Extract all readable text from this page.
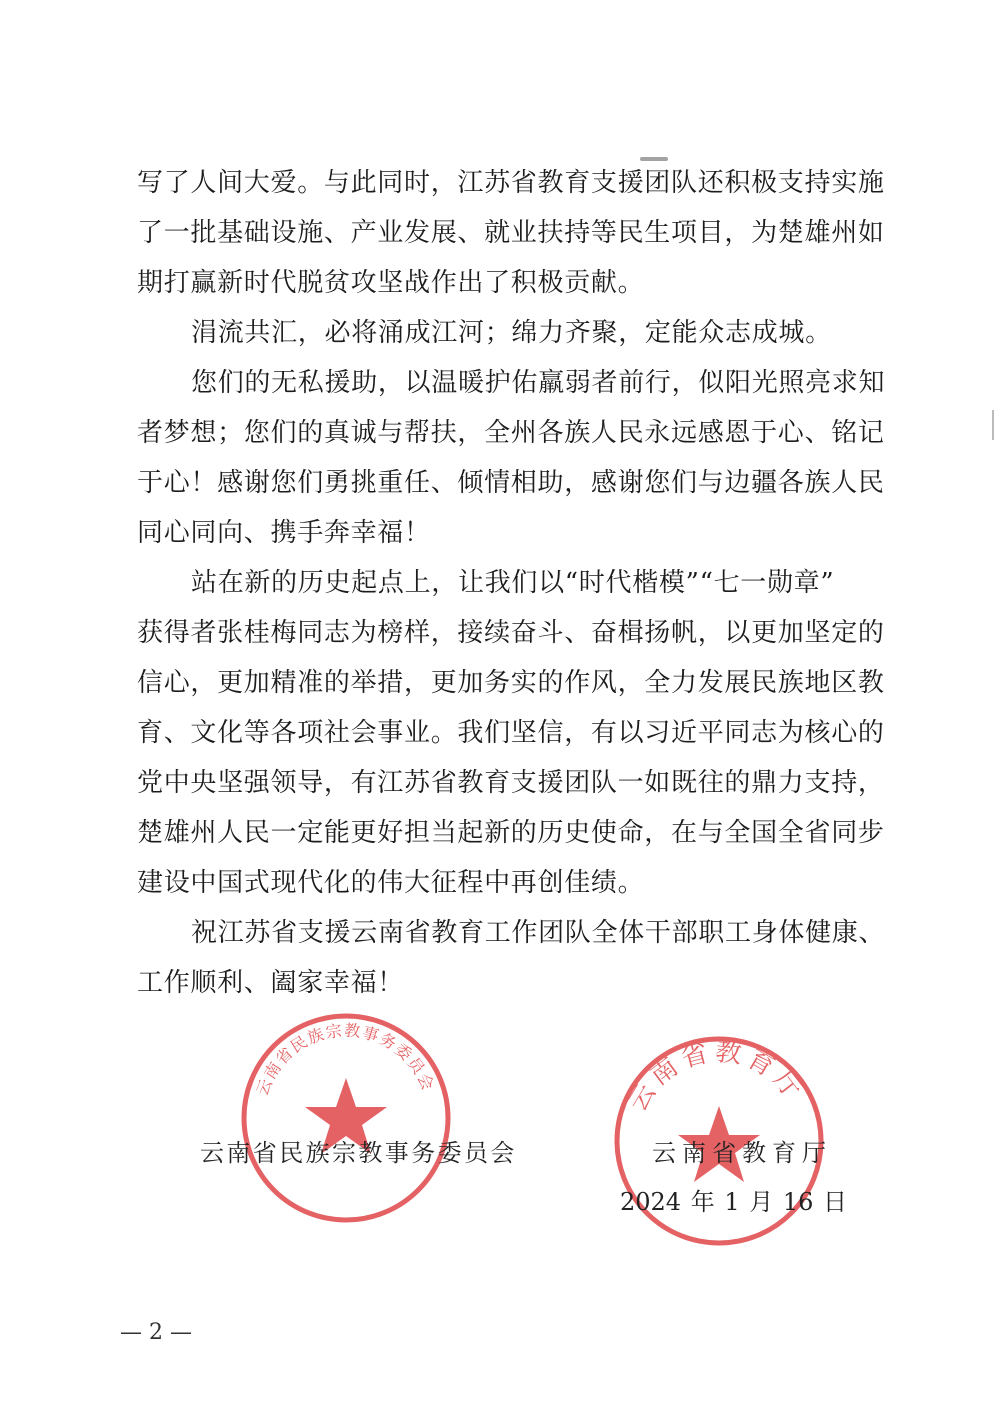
写了人间大爱。与此同时，江苏省教育支援团队还积极支持实施
了一批基础设施、产业发展、就业扶持等民生项目，为楚雄州如
期打赢新时代脱贫攻坚战作出了积极贡献。
涓流共汇，必将涌成江河；绵力齐聚，定能众志成城。
您们的无私援助，以温暖护佑羸弱者前行，似阳光照亮求知
者梦想；您们的真诚与帮扶，全州各族人民永远感恩于心、铭记
于心！感谢您们勇挑重任、倾情相助，感谢您们与边疆各族人民
同心同向、携手奔幸福！
站在新的历史起点上，让我们以“时代楷模”“七一勋章”
获得者张桂梅同志为榜样，接续奋斗、奋楫扬帆，以更加坚定的
信心，更加精准的举措，更加务实的作风，全力发展民族地区教
育、文化等各项社会事业。我们坚信，有以习近平同志为核心的
党中央坚强领导，有江苏省教育支援团队一如既往的鼎力支持，
楚雄州人民一定能更好担当起新的历史使命，在与全国全省同步
建设中国式现代化的伟大征程中再创佳绩。
祝江苏省支援云南省教育工作团队全体干部职工身体健康、
工作顺利、阖家幸福！
云南省民族宗教事务委员会	云南省教育厅
云南省民族宗教事务委员会	云南省教育厅
2024 年 1 月 16 日
— 2 —
